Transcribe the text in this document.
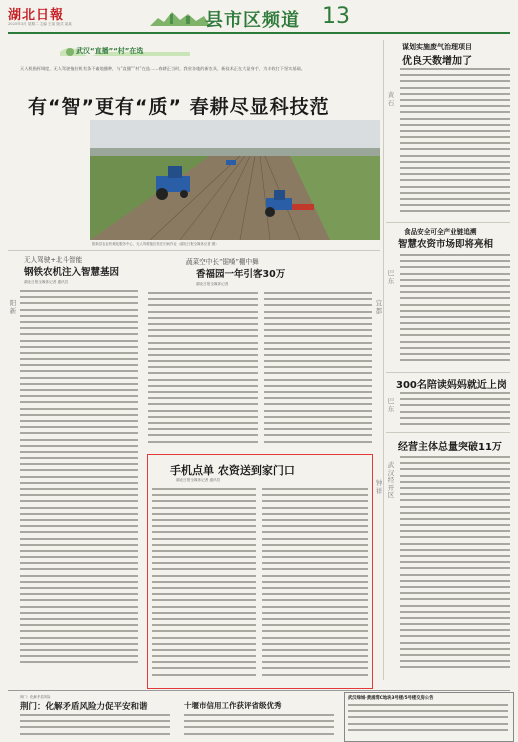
湖北日報
2025年3月 星期二 主编 王某 版式 某某	县市区频道 13
武汉“直播”“村”在选
天人机指挥调度，无人驾驶拖拉机有条不紊地播种，与“直播”“村”在选……春耕正当时，我省各地的新农具、新技术正在大显身手，为丰收打下坚实基础。
有“智”更有“质” 春耕尽显科技范
阳新县农业机械化服务中心，无人驾驶拖拉机在田间作业（湖北日报全媒体记者 摄）
黄石
谋划实施废气治理项目
优良天数增加了
巴东
食品安全可全产业链追溯
智慧农资市场即将亮相
300名陪读妈妈就近上岗
巴东
经营主体总量突破11万
武汉经开区
无人驾驶+北斗智能
钢铁农机注入智慧基因
湖北日报全媒体记者 通讯员
阳新
蔬菜空中长“锯嗓”棚中舞
香福园一年引客30万
湖北日报全媒体记者
宜都
手机点单 农资送到家门口
湖北日报全媒体记者 通讯员	钟祥
荆门：化解矛盾风险
荆门：化解矛盾风险力促平安和谐	十堰市信用工作获评省级优秀
武汉绿城·黄浦湾C地块3号楼/5号楼交房公告
